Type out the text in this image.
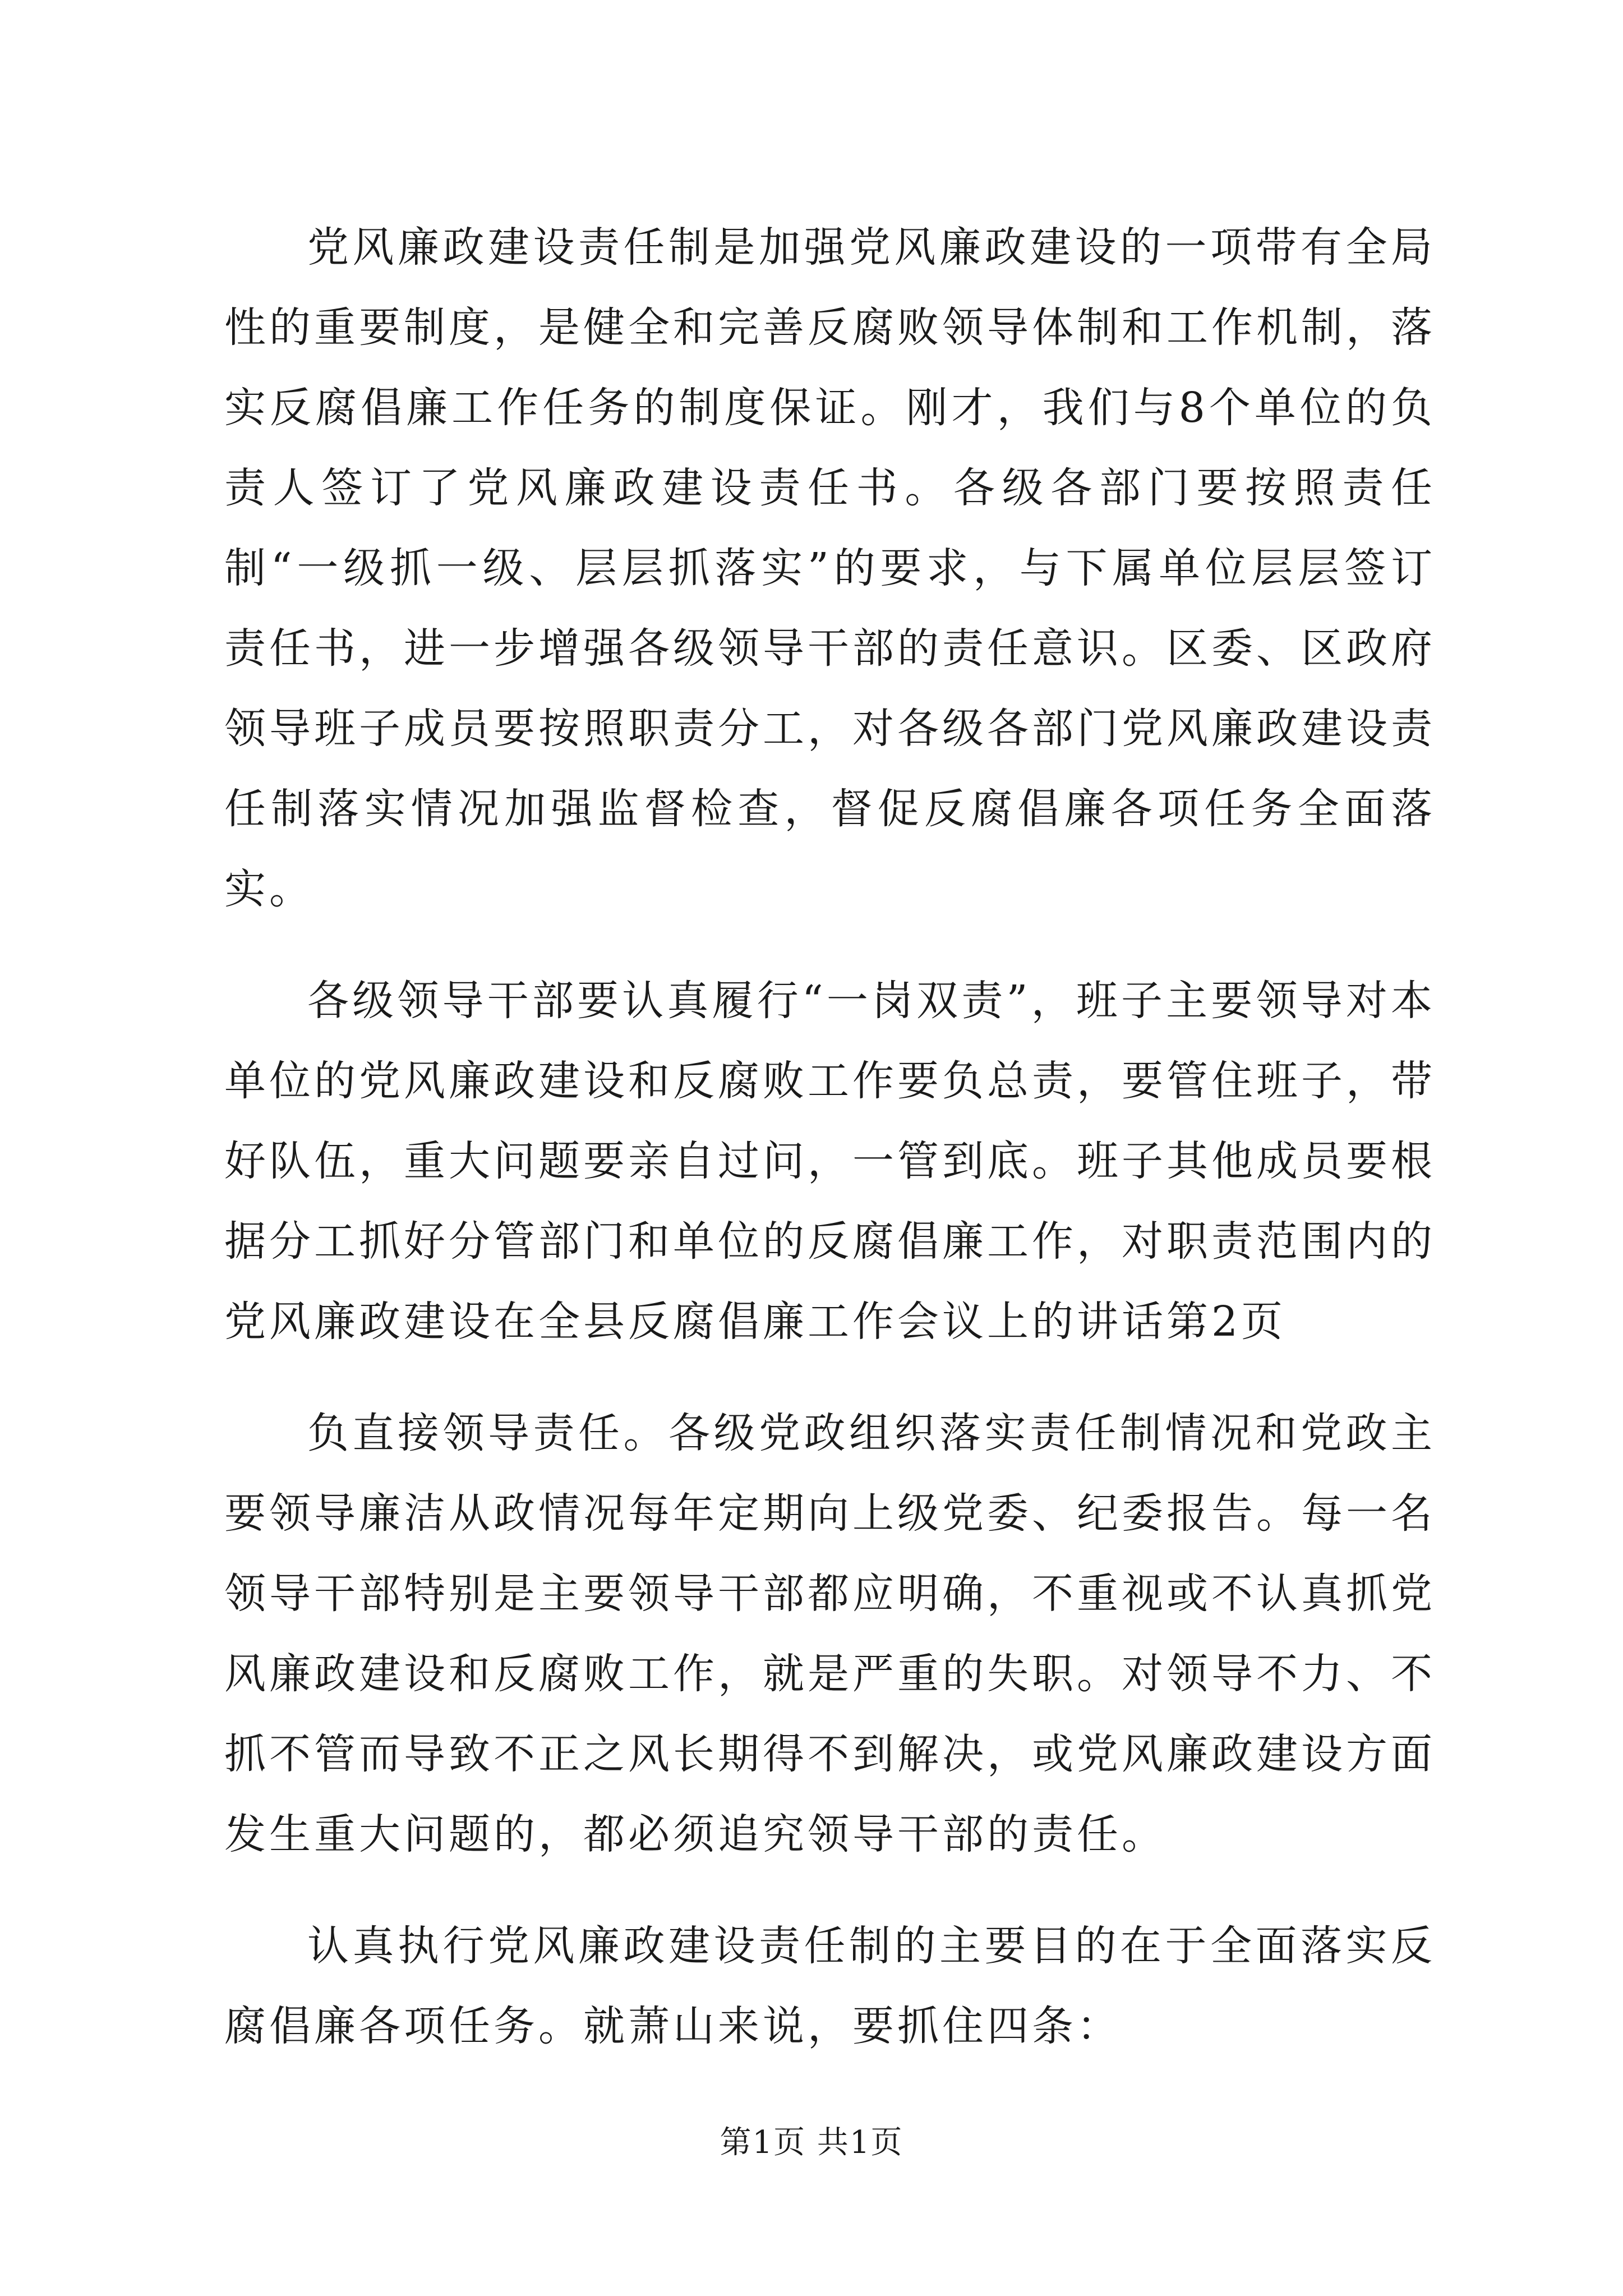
党风廉政建设责任制是加强党风廉政建设的一项带有全局性的重要制度，是健全和完善反腐败领导体制和工作机制，落实反腐倡廉工作任务的制度保证。刚才，我们与8个单位的负责人签订了党风廉政建设责任书。各级各部门要按照责任制“一级抓一级、层层抓落实”的要求，与下属单位层层签订责任书，进一步增强各级领导干部的责任意识。区委、区政府领导班子成员要按照职责分工，对各级各部门党风廉政建设责任制落实情况加强监督检查，督促反腐倡廉各项任务全面落实。

各级领导干部要认真履行“一岗双责”，班子主要领导对本单位的党风廉政建设和反腐败工作要负总责，要管住班子，带好队伍，重大问题要亲自过问，一管到底。班子其他成员要根据分工抓好分管部门和单位的反腐倡廉工作，对职责范围内的党风廉政建设在全县反腐倡廉工作会议上的讲话第2页

负直接领导责任。各级党政组织落实责任制情况和党政主要领导廉洁从政情况每年定期向上级党委、纪委报告。每一名领导干部特别是主要领导干部都应明确，不重视或不认真抓党风廉政建设和反腐败工作，就是严重的失职。对领导不力、不抓不管而导致不正之风长期得不到解决，或党风廉政建设方面发生重大问题的，都必须追究领导干部的责任。

认真执行党风廉政建设责任制的主要目的在于全面落实反腐倡廉各项任务。就萧山来说，要抓住四条：

第1页 共1页
